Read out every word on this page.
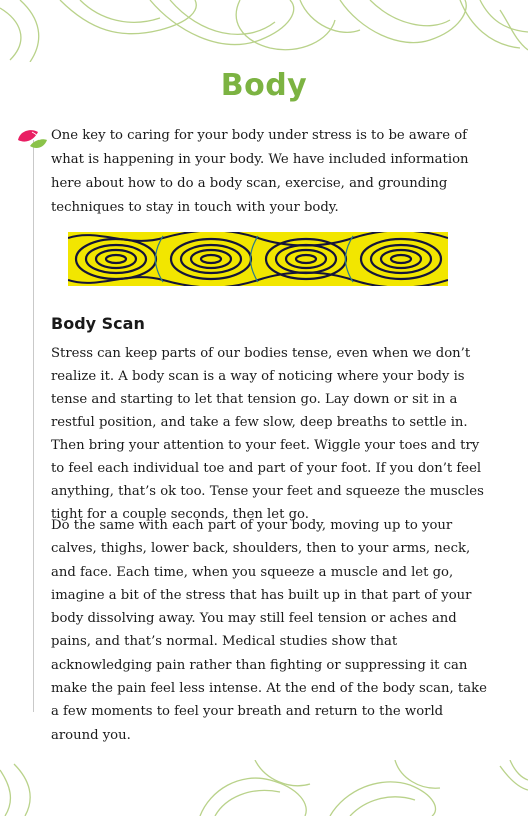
Body

One key to caring for your body under stress is to be aware of what is happening in your body. We have included information here about how to do a body scan, exercise, and grounding techniques to stay in touch with your body.

Body Scan

Stress can keep parts of our bodies tense, even when we don’t realize it. A body scan is a way of noticing where your body is tense and starting to let that tension go. Lay down or sit in a restful position, and take a few slow, deep breaths to settle in. Then bring your attention to your feet. Wiggle your toes and try to feel each individual toe and part of your foot. If you don’t feel anything, that’s ok too. Tense your feet and squeeze the muscles tight for a couple seconds, then let go.

Do the same with each part of your body, moving up to your calves, thighs, lower back, shoulders, then to your arms, neck, and face. Each time, when you squeeze a muscle and let go, imagine a bit of the stress that has built up in that part of your body dissolving away. You may still feel tension or aches and pains, and that’s normal. Medical studies show that acknowledging pain rather than fighting or suppressing it can make the pain feel less intense. At the end of the body scan, take a few moments to feel your breath and return to the world around you.
